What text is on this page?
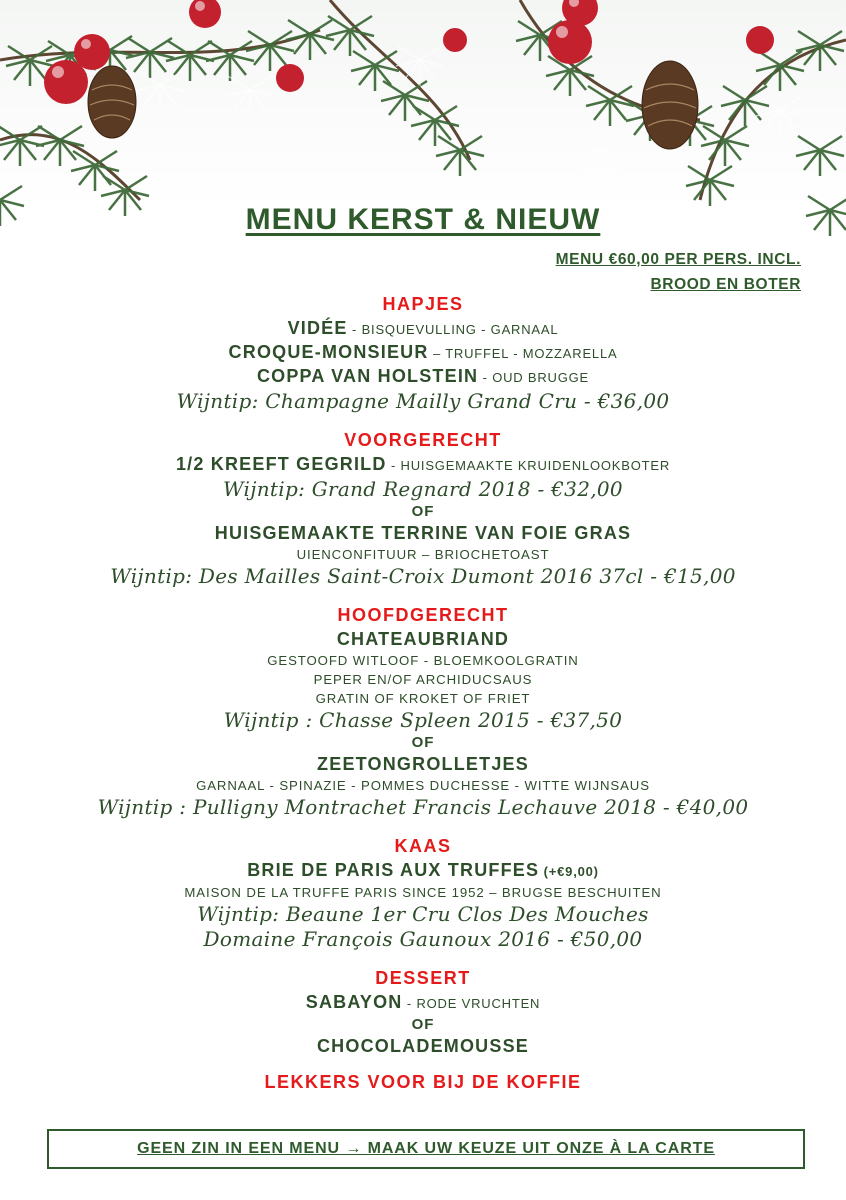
MENU KERST & NIEUW
MENU €60,00 PER PERS. INCL.
BROOD EN BOTER
HAPJES
VIDÉE - BISQUEVULLING - GARNAAL
CROQUE-MONSIEUR – TRUFFEL - MOZZARELLA
COPPA VAN HOLSTEIN - OUD BRUGGE
Wijntip: Champagne Mailly Grand Cru - €36,00
VOORGERECHT
1/2 KREEFT GEGRILD - HUISGEMAAKTE KRUIDENLOOKBOTER
Wijntip: Grand Regnard 2018 - €32,00
OF
HUISGEMAAKTE TERRINE VAN FOIE GRAS
UIENCONFITUUR – BRIOCHETOAST
Wijntip: Des Mailles Saint-Croix Dumont 2016 37cl - €15,00
HOOFDGERECHT
CHATEAUBRIAND
GESTOOFD WITLOOF - BLOEMKOOLGRATIN
PEPER EN/OF ARCHIDUCSAUS
GRATIN OF KROKET OF FRIET
Wijntip : Chasse Spleen 2015 - €37,50
OF
ZEETONGROLLETJES
GARNAAL - SPINAZIE - POMMES DUCHESSE - WITTE WIJNSAUS
Wijntip : Pulligny Montrachet Francis Lechauve 2018 - €40,00
KAAS
BRIE DE PARIS AUX TRUFFES (+€9,00)
MAISON DE LA TRUFFE PARIS SINCE 1952 – BRUGSE BESCHUITEN
Wijntip: Beaune 1er Cru Clos Des Mouches
Domaine François Gaunoux 2016 - €50,00
DESSERT
SABAYON - RODE VRUCHTEN
OF
CHOCOLADEMOUSSE
LEKKERS VOOR BIJ DE KOFFIE
GEEN ZIN IN EEN MENU → MAAK UW KEUZE UIT ONZE À LA CARTE
